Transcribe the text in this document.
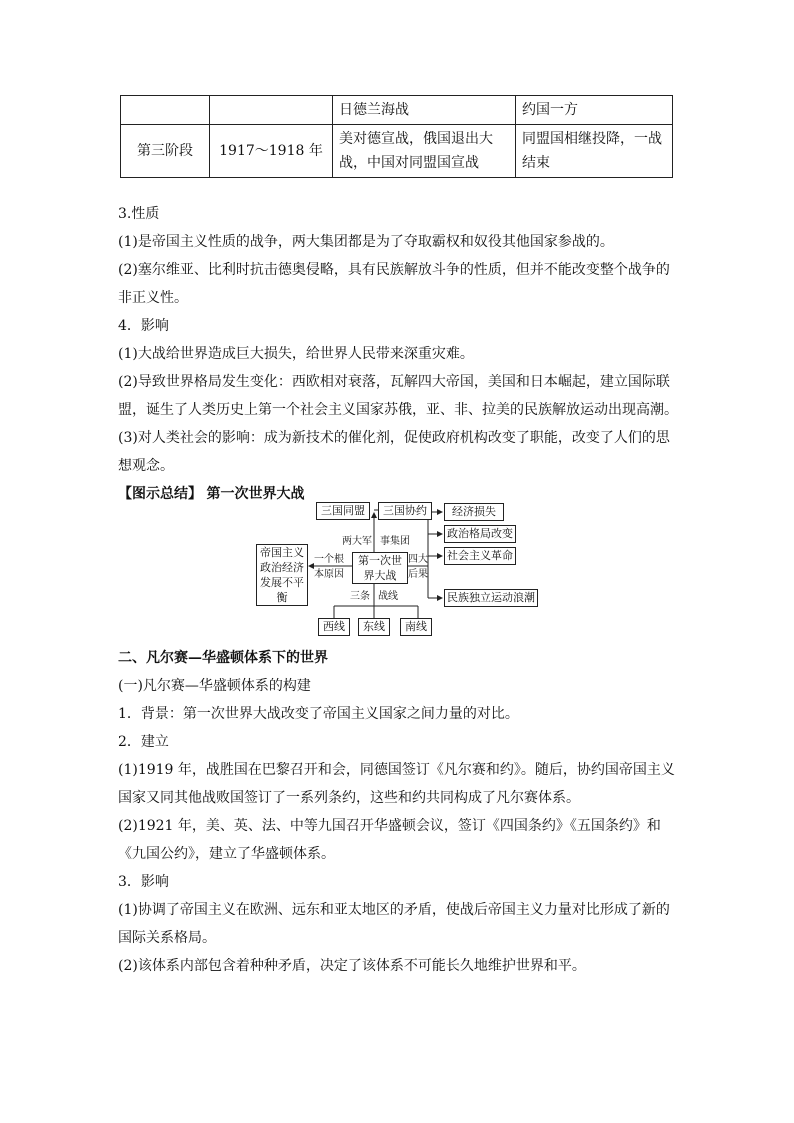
		日德兰海战	约国一方
第三阶段	1917～1918 年	美对德宣战，俄国退出大战，中国对同盟国宣战	同盟国相继投降，一战结束

3.性质

(1)是帝国主义性质的战争，两大集团都是为了夺取霸权和奴役其他国家参战的。

(2)塞尔维亚、比利时抗击德奥侵略，具有民族解放斗争的性质，但并不能改变整个战争的非正义性。

4．影响

(1)大战给世界造成巨大损失，给世界人民带来深重灾难。

(2)导致世界格局发生变化：西欧相对衰落，瓦解四大帝国，美国和日本崛起，建立国际联盟，诞生了人类历史上第一个社会主义国家苏俄，亚、非、拉美的民族解放运动出现高潮。

(3)对人类社会的影响：成为新技术的催化剂，促使政府机构改变了职能，改变了人们的思想观念。

【图示总结】 第一次世界大战

三国同盟	三国协约
两大军 事集团
第一次世界大战
帝国主义政治经济发展不平衡
一个根
本原因
四大
后果
经济损失
政治格局改变
社会主义革命
民族独立运动浪潮
三条 战线
西线	东线	南线

二、凡尔赛—华盛顿体系下的世界

(一)凡尔赛—华盛顿体系的构建

1．背景：第一次世界大战改变了帝国主义国家之间力量的对比。

2．建立

(1)1919 年，战胜国在巴黎召开和会，同德国签订《凡尔赛和约》。随后，协约国帝国主义国家又同其他战败国签订了一系列条约，这些和约共同构成了凡尔赛体系。

(2)1921 年，美、英、法、中等九国召开华盛顿会议，签订《四国条约》《五国条约》和《九国公约》，建立了华盛顿体系。

3．影响

(1)协调了帝国主义在欧洲、远东和亚太地区的矛盾，使战后帝国主义力量对比形成了新的国际关系格局。

(2)该体系内部包含着种种矛盾，决定了该体系不可能长久地维护世界和平。
